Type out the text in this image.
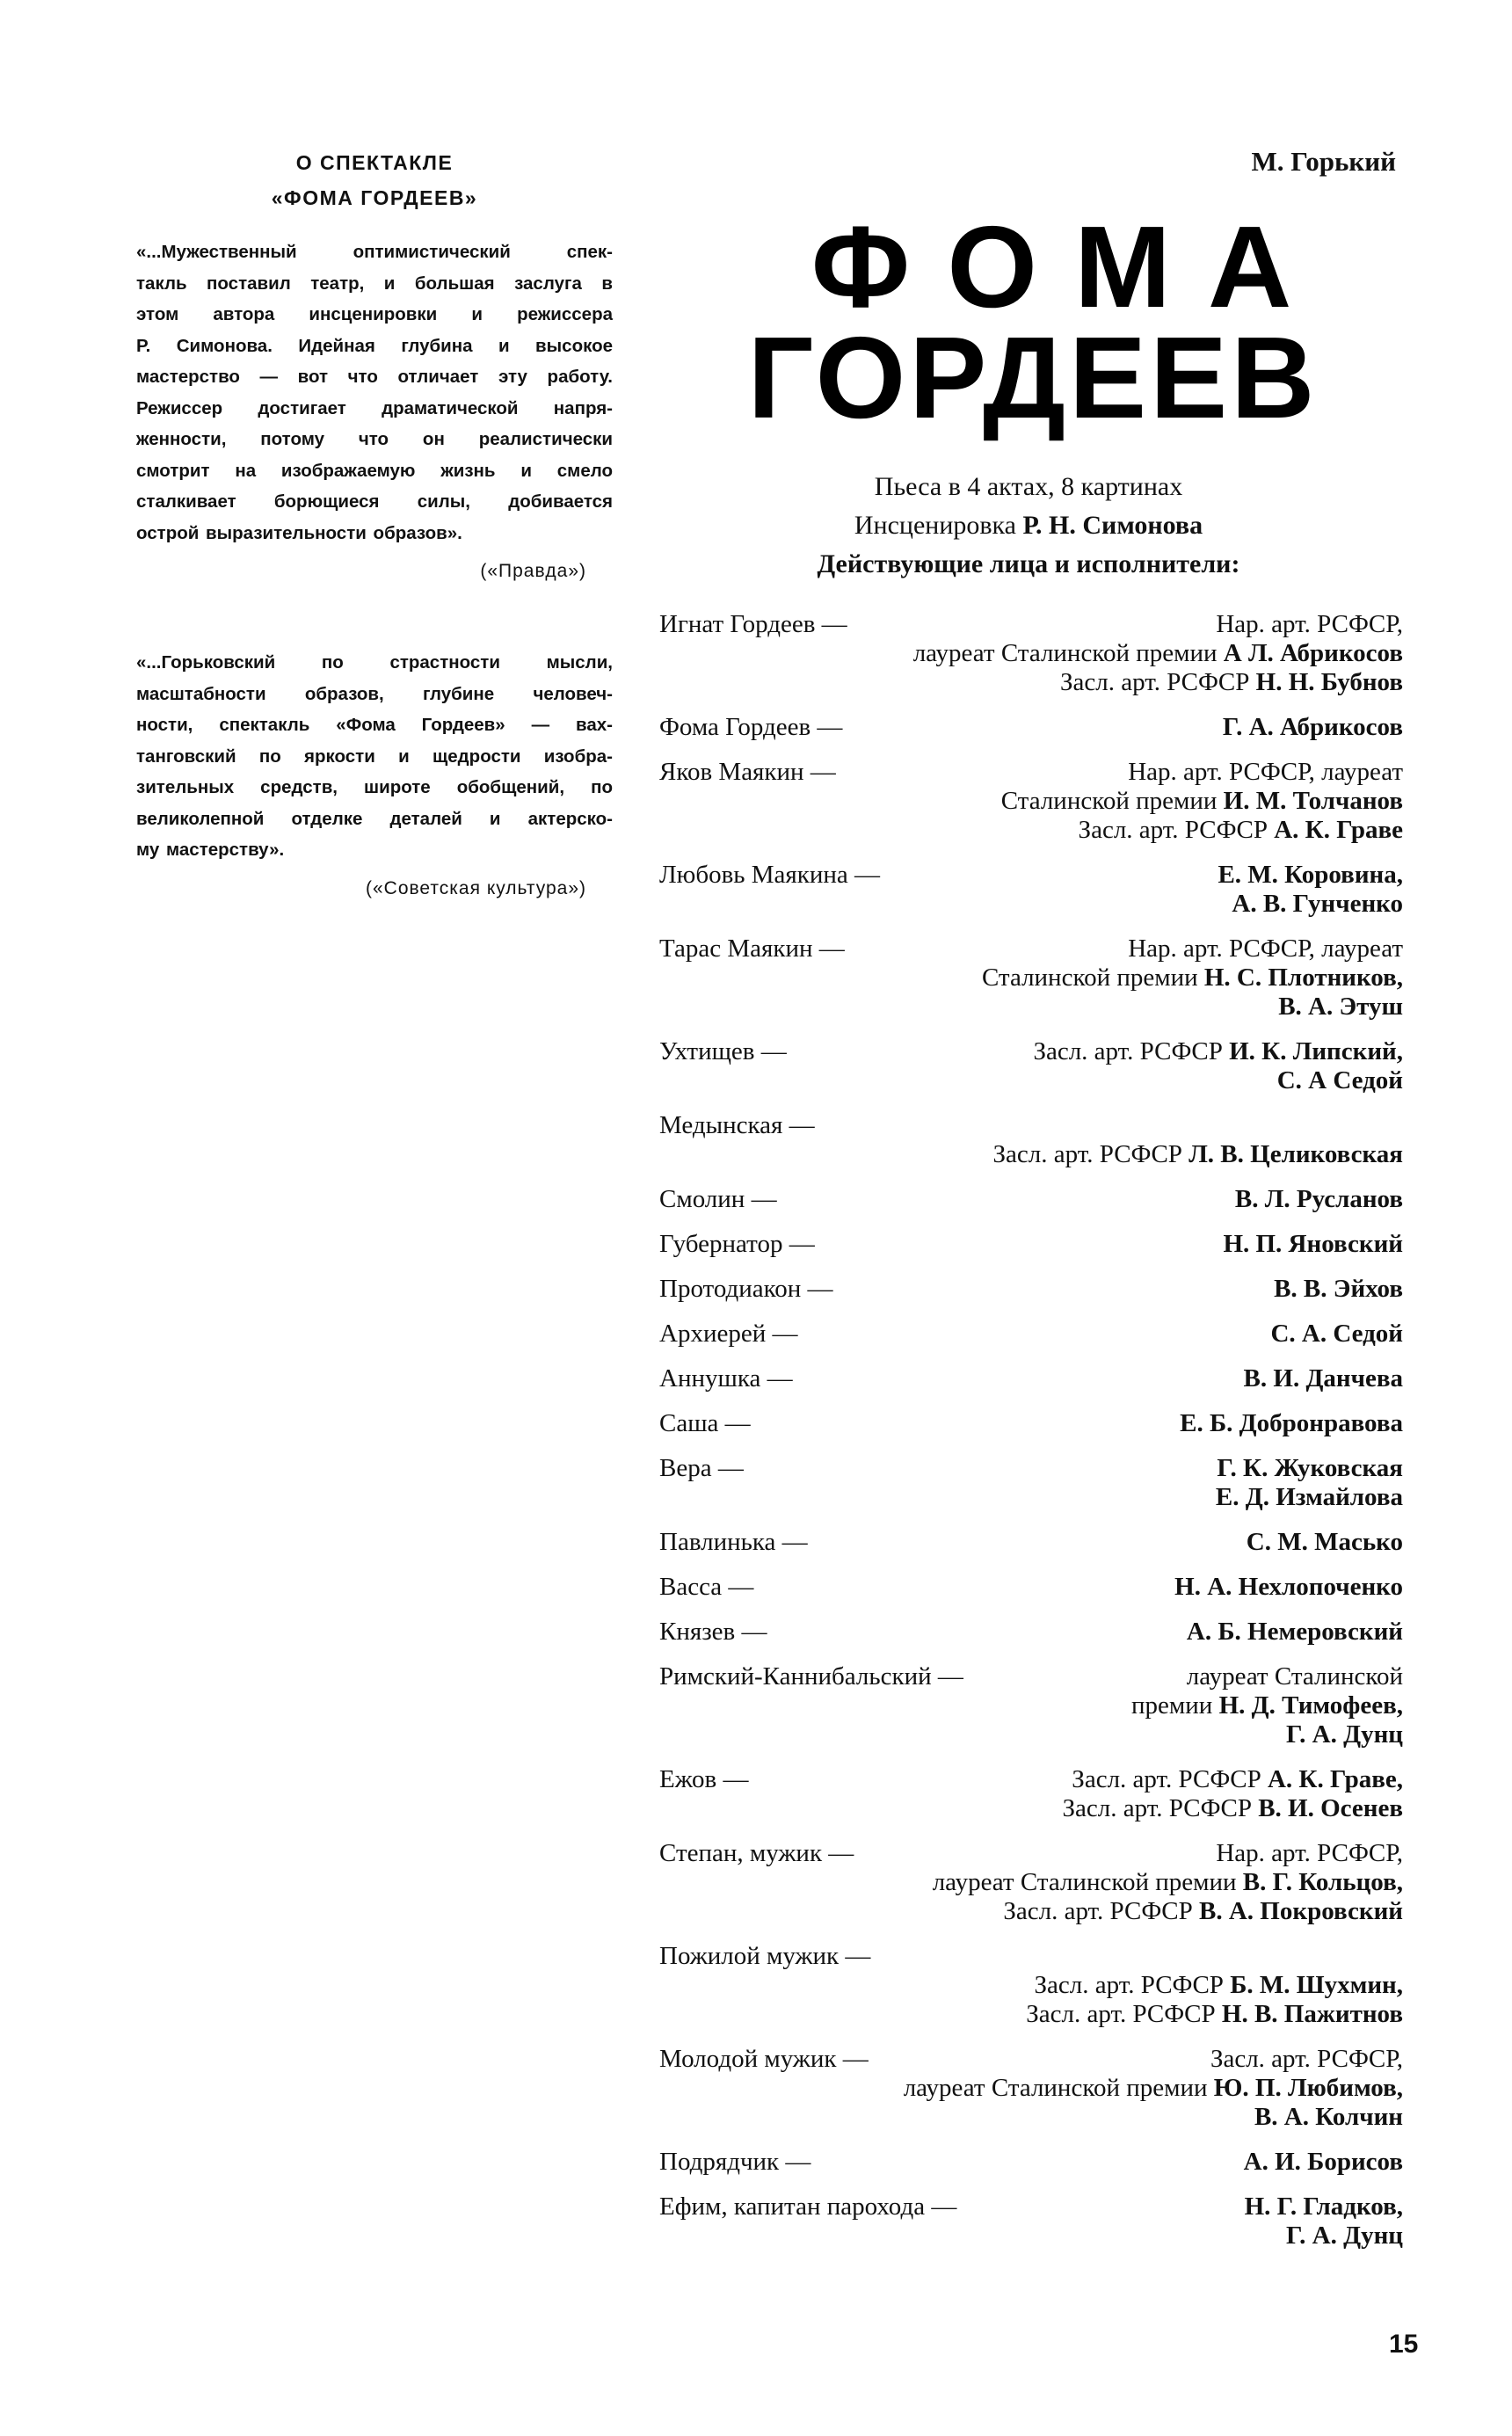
О СПЕКТАКЛЕ
«ФОМА ГОРДЕЕВ»
«...Мужественный оптимистический спек-
такль поставил театр, и большая заслуга в
этом автора инсценировки и режиссера
Р. Симонова. Идейная глубина и высокое
мастерство — вот что отличает эту работу.
Режиссер достигает драматической напря-
женности, потому что он реалистически
смотрит на изображаемую жизнь и смело
сталкивает борющиеся силы, добивается
острой выразительности образов».
(«Правда»)
«...Горьковский по страстности мысли,
масштабности образов, глубине человеч-
ности, спектакль «Фома Гордеев» — вах-
танговский по яркости и щедрости изобра-
зительных средств, широте обобщений, по
великолепной отделке деталей и актерско-
му мастерству».
(«Советская культура»)
М. Горький
ФОМА
ГОРДЕЕВ
Пьеса в 4 актах, 8 картинах
Инсценировка Р. Н. Симонова
Действующие лица и исполнители:
Игнат Гордеев —	Нар. арт. РСФСР,
лауреат Сталинской премии А Л. Абрикосов
Засл. арт. РСФСР Н. Н. Бубнов
Фома Гордеев —	Г. А. Абрикосов
Яков Маякин —	Нар. арт. РСФСР, лауреат
Сталинской премии И. М. Толчанов
Засл. арт. РСФСР А. К. Граве
Любовь Маякина —	Е. М. Коровина,
А. В. Гунченко
Тарас Маякин —	Нар. арт. РСФСР, лауреат
Сталинской премии Н. С. Плотников,
В. А. Этуш
Ухтищев —	Засл. арт. РСФСР И. К. Липский,
С. А Седой
Медынская —
Засл. арт. РСФСР Л. В. Целиковская
Смолин —	В. Л. Русланов
Губернатор —	Н. П. Яновский
Протодиакон —	В. В. Эйхов
Архиерей —	С. А. Седой
Аннушка —	В. И. Данчева
Саша —	Е. Б. Добронравова
Вера —	Г. К. Жуковская
Е. Д. Измайлова
Павлинька —	С. М. Масько
Васса —	Н. А. Нехлопоченко
Князев —	А. Б. Немеровский
Римский-Каннибальский —	лауреат Сталинской
премии Н. Д. Тимофеев,
Г. А. Дунц
Ежов —	Засл. арт. РСФСР А. К. Граве,
Засл. арт. РСФСР В. И. Осенев
Степан, мужик —	Нар. арт. РСФСР,
лауреат Сталинской премии В. Г. Кольцов,
Засл. арт. РСФСР В. А. Покровский
Пожилой мужик —
Засл. арт. РСФСР Б. М. Шухмин,
Засл. арт. РСФСР Н. В. Пажитнов
Молодой мужик —	Засл. арт. РСФСР,
лауреат Сталинской премии Ю. П. Любимов,
В. А. Колчин
Подрядчик —	А. И. Борисов
Ефим, капитан парохода —	Н. Г. Гладков,
Г. А. Дунц
15
